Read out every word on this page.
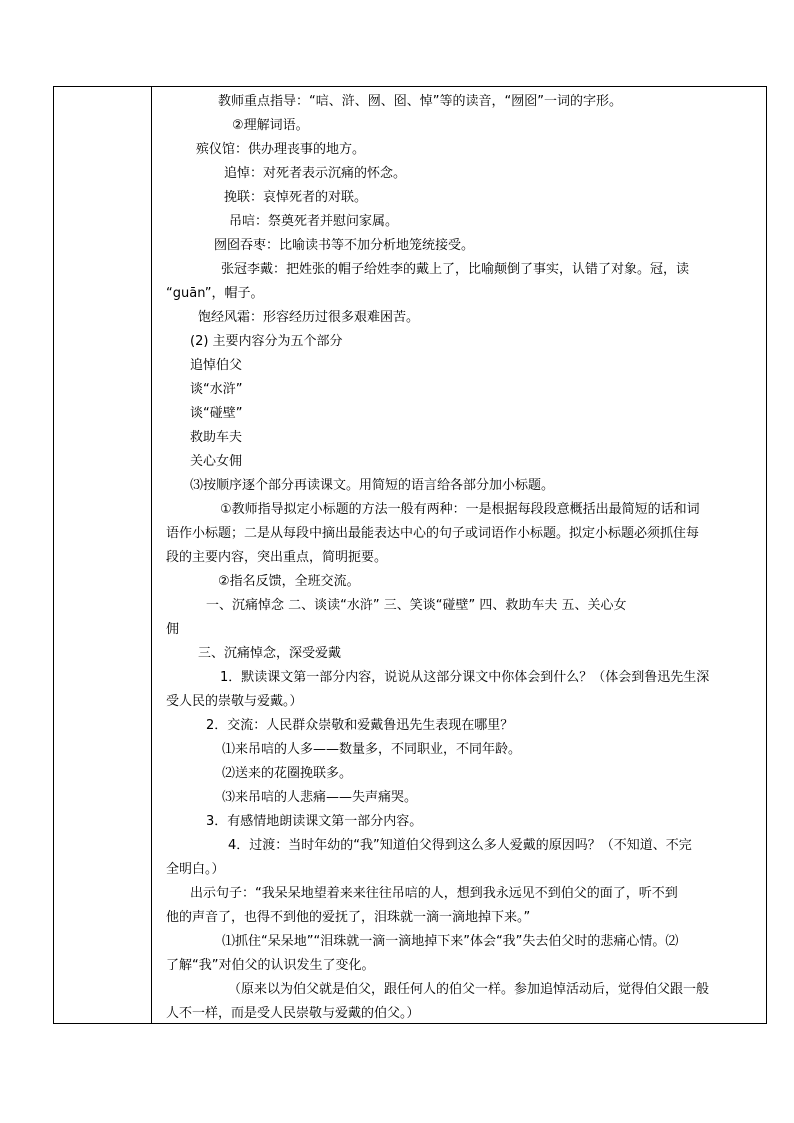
教师重点指导：“唁、浒、囫、囵、悼”等的读音，“囫囵”一词的字形。
②理解词语。
殡仪馆：供办理丧事的地方。
追悼：对死者表示沉痛的怀念。
挽联：哀悼死者的对联。
吊唁：祭奠死者并慰问家属。
囫囵吞枣：比喻读书等不加分析地笼统接受。
张冠李戴：把姓张的帽子给姓李的戴上了，比喻颠倒了事实，认错了对象。冠，读
“guān”，帽子。
饱经风霜：形容经历过很多艰难困苦。
(2) 主要内容分为五个部分
追悼伯父
谈“水浒”
谈“碰壁”
救助车夫
关心女佣
⑶按顺序逐个部分再读课文。用简短的语言给各部分加小标题。
①教师指导拟定小标题的方法一般有两种：一是根据每段段意概括出最简短的话和词
语作小标题；二是从每段中摘出最能表达中心的句子或词语作小标题。拟定小标题必须抓住每
段的主要内容，突出重点，简明扼要。
②指名反馈，全班交流。
一、沉痛悼念 二、谈读“水浒” 三、笑谈“碰壁” 四、救助车夫 五、关心女
佣
三、沉痛悼念，深受爱戴
1．默读课文第一部分内容，说说从这部分课文中你体会到什么？（体会到鲁迅先生深
受人民的崇敬与爱戴。）
2．交流：人民群众崇敬和爱戴鲁迅先生表现在哪里？
⑴来吊唁的人多——数量多，不同职业，不同年龄。
⑵送来的花圈挽联多。
⑶来吊唁的人悲痛——失声痛哭。
3．有感情地朗读课文第一部分内容。
4．过渡：当时年幼的“我”知道伯父得到这么多人爱戴的原因吗？（不知道、不完
全明白。）
出示句子：“我呆呆地望着来来往往吊唁的人，想到我永远见不到伯父的面了，听不到
他的声音了，也得不到他的爱抚了，泪珠就一滴一滴地掉下来。”
⑴抓住“呆呆地”“泪珠就一滴一滴地掉下来”体会“我”失去伯父时的悲痛心情。⑵
了解“我”对伯父的认识发生了变化。
（原来以为伯父就是伯父，跟任何人的伯父一样。参加追悼活动后，觉得伯父跟一般
人不一样，而是受人民崇敬与爱戴的伯父。）
